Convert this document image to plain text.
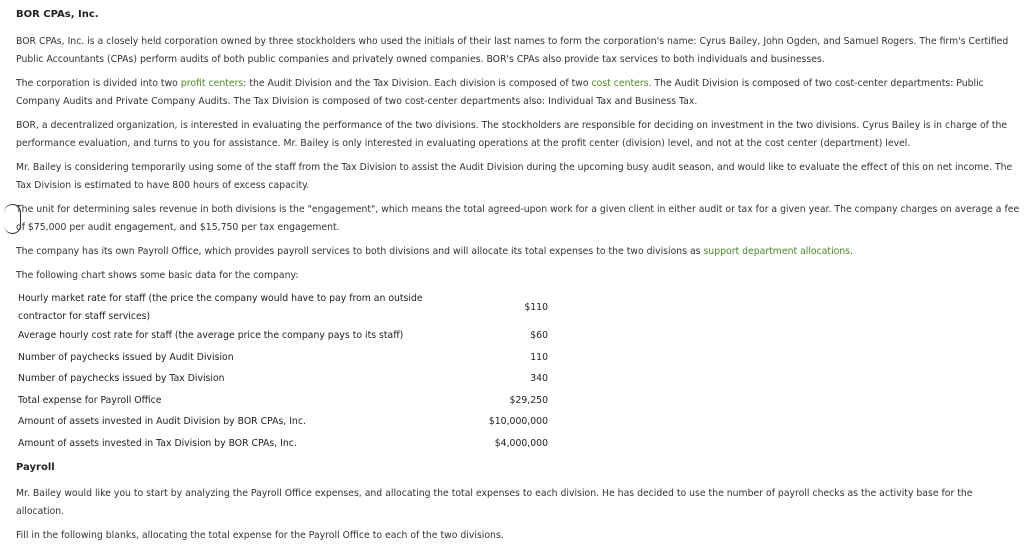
BOR CPAs, Inc.

BOR CPAs, Inc. is a closely held corporation owned by three stockholders who used the initials of their last names to form the corporation's name: Cyrus Bailey, John Ogden, and Samuel Rogers. The firm's Certified Public Accountants (CPAs) perform audits of both public companies and privately owned companies. BOR's CPAs also provide tax services to both individuals and businesses.

The corporation is divided into two profit centers: the Audit Division and the Tax Division. Each division is composed of two cost centers. The Audit Division is composed of two cost-center departments: Public Company Audits and Private Company Audits. The Tax Division is composed of two cost-center departments also: Individual Tax and Business Tax.

BOR, a decentralized organization, is interested in evaluating the performance of the two divisions. The stockholders are responsible for deciding on investment in the two divisions. Cyrus Bailey is in charge of the performance evaluation, and turns to you for assistance. Mr. Bailey is only interested in evaluating operations at the profit center (division) level, and not at the cost center (department) level.

Mr. Bailey is considering temporarily using some of the staff from the Tax Division to assist the Audit Division during the upcoming busy audit season, and would like to evaluate the effect of this on net income. The Tax Division is estimated to have 800 hours of excess capacity.

The unit for determining sales revenue in both divisions is the "engagement", which means the total agreed-upon work for a given client in either audit or tax for a given year. The company charges on average a fee of $75,000 per audit engagement, and $15,750 per tax engagement.

The company has its own Payroll Office, which provides payroll services to both divisions and will allocate its total expenses to the two divisions as support department allocations.

The following chart shows some basic data for the company:

Hourly market rate for staff (the price the company would have to pay from an outside contractor for staff services)	$110
Average hourly cost rate for staff (the average price the company pays to its staff)	$60
Number of paychecks issued by Audit Division	110
Number of paychecks issued by Tax Division	340
Total expense for Payroll Office	$29,250
Amount of assets invested in Audit Division by BOR CPAs, Inc.	$10,000,000
Amount of assets invested in Tax Division by BOR CPAs, Inc.	$4,000,000
Payroll

Mr. Bailey would like you to start by analyzing the Payroll Office expenses, and allocating the total expenses to each division. He has decided to use the number of payroll checks as the activity base for the allocation.

Fill in the following blanks, allocating the total expense for the Payroll Office to each of the two divisions.
